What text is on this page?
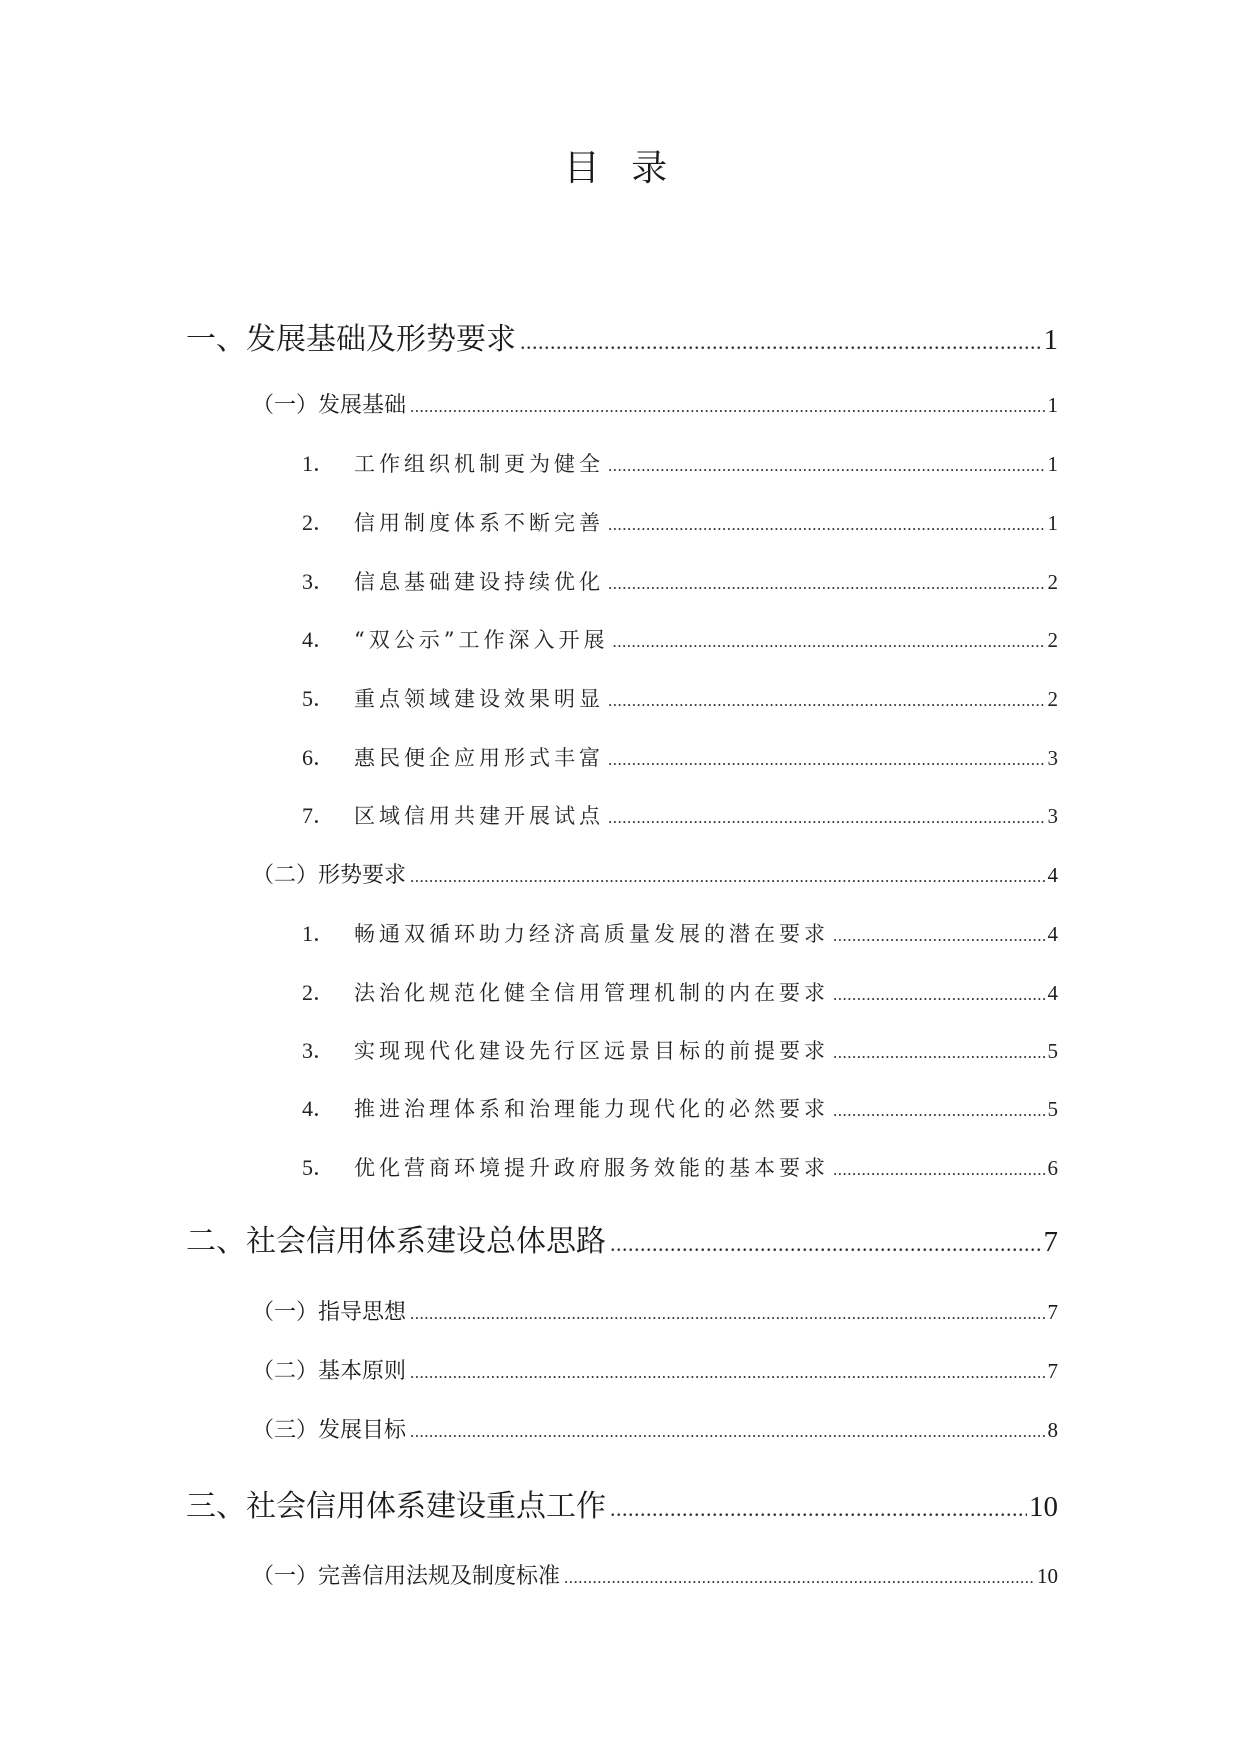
目 录
一、发展基础及形势要求 .....	1
（一）发展基础 .....	1
1． 工作组织机制更为健全 .....	1
2． 信用制度体系不断完善 .....	1
3． 信息基础建设持续优化 .....	2
4． “双公示”工作深入开展 .....	2
5． 重点领域建设效果明显 .....	2
6． 惠民便企应用形式丰富 .....	3
7． 区域信用共建开展试点 .....	3
（二）形势要求 .....	4
1． 畅通双循环助力经济高质量发展的潜在要求 .....	4
2． 法治化规范化健全信用管理机制的内在要求 .....	4
3． 实现现代化建设先行区远景目标的前提要求 .....	5
4． 推进治理体系和治理能力现代化的必然要求 .....	5
5． 优化营商环境提升政府服务效能的基本要求 .....	6
二、社会信用体系建设总体思路 .....	7
（一）指导思想 .....	7
（二）基本原则 .....	7
（三）发展目标 .....	8
三、社会信用体系建设重点工作 .....	10
（一）完善信用法规及制度标准 .....	10
